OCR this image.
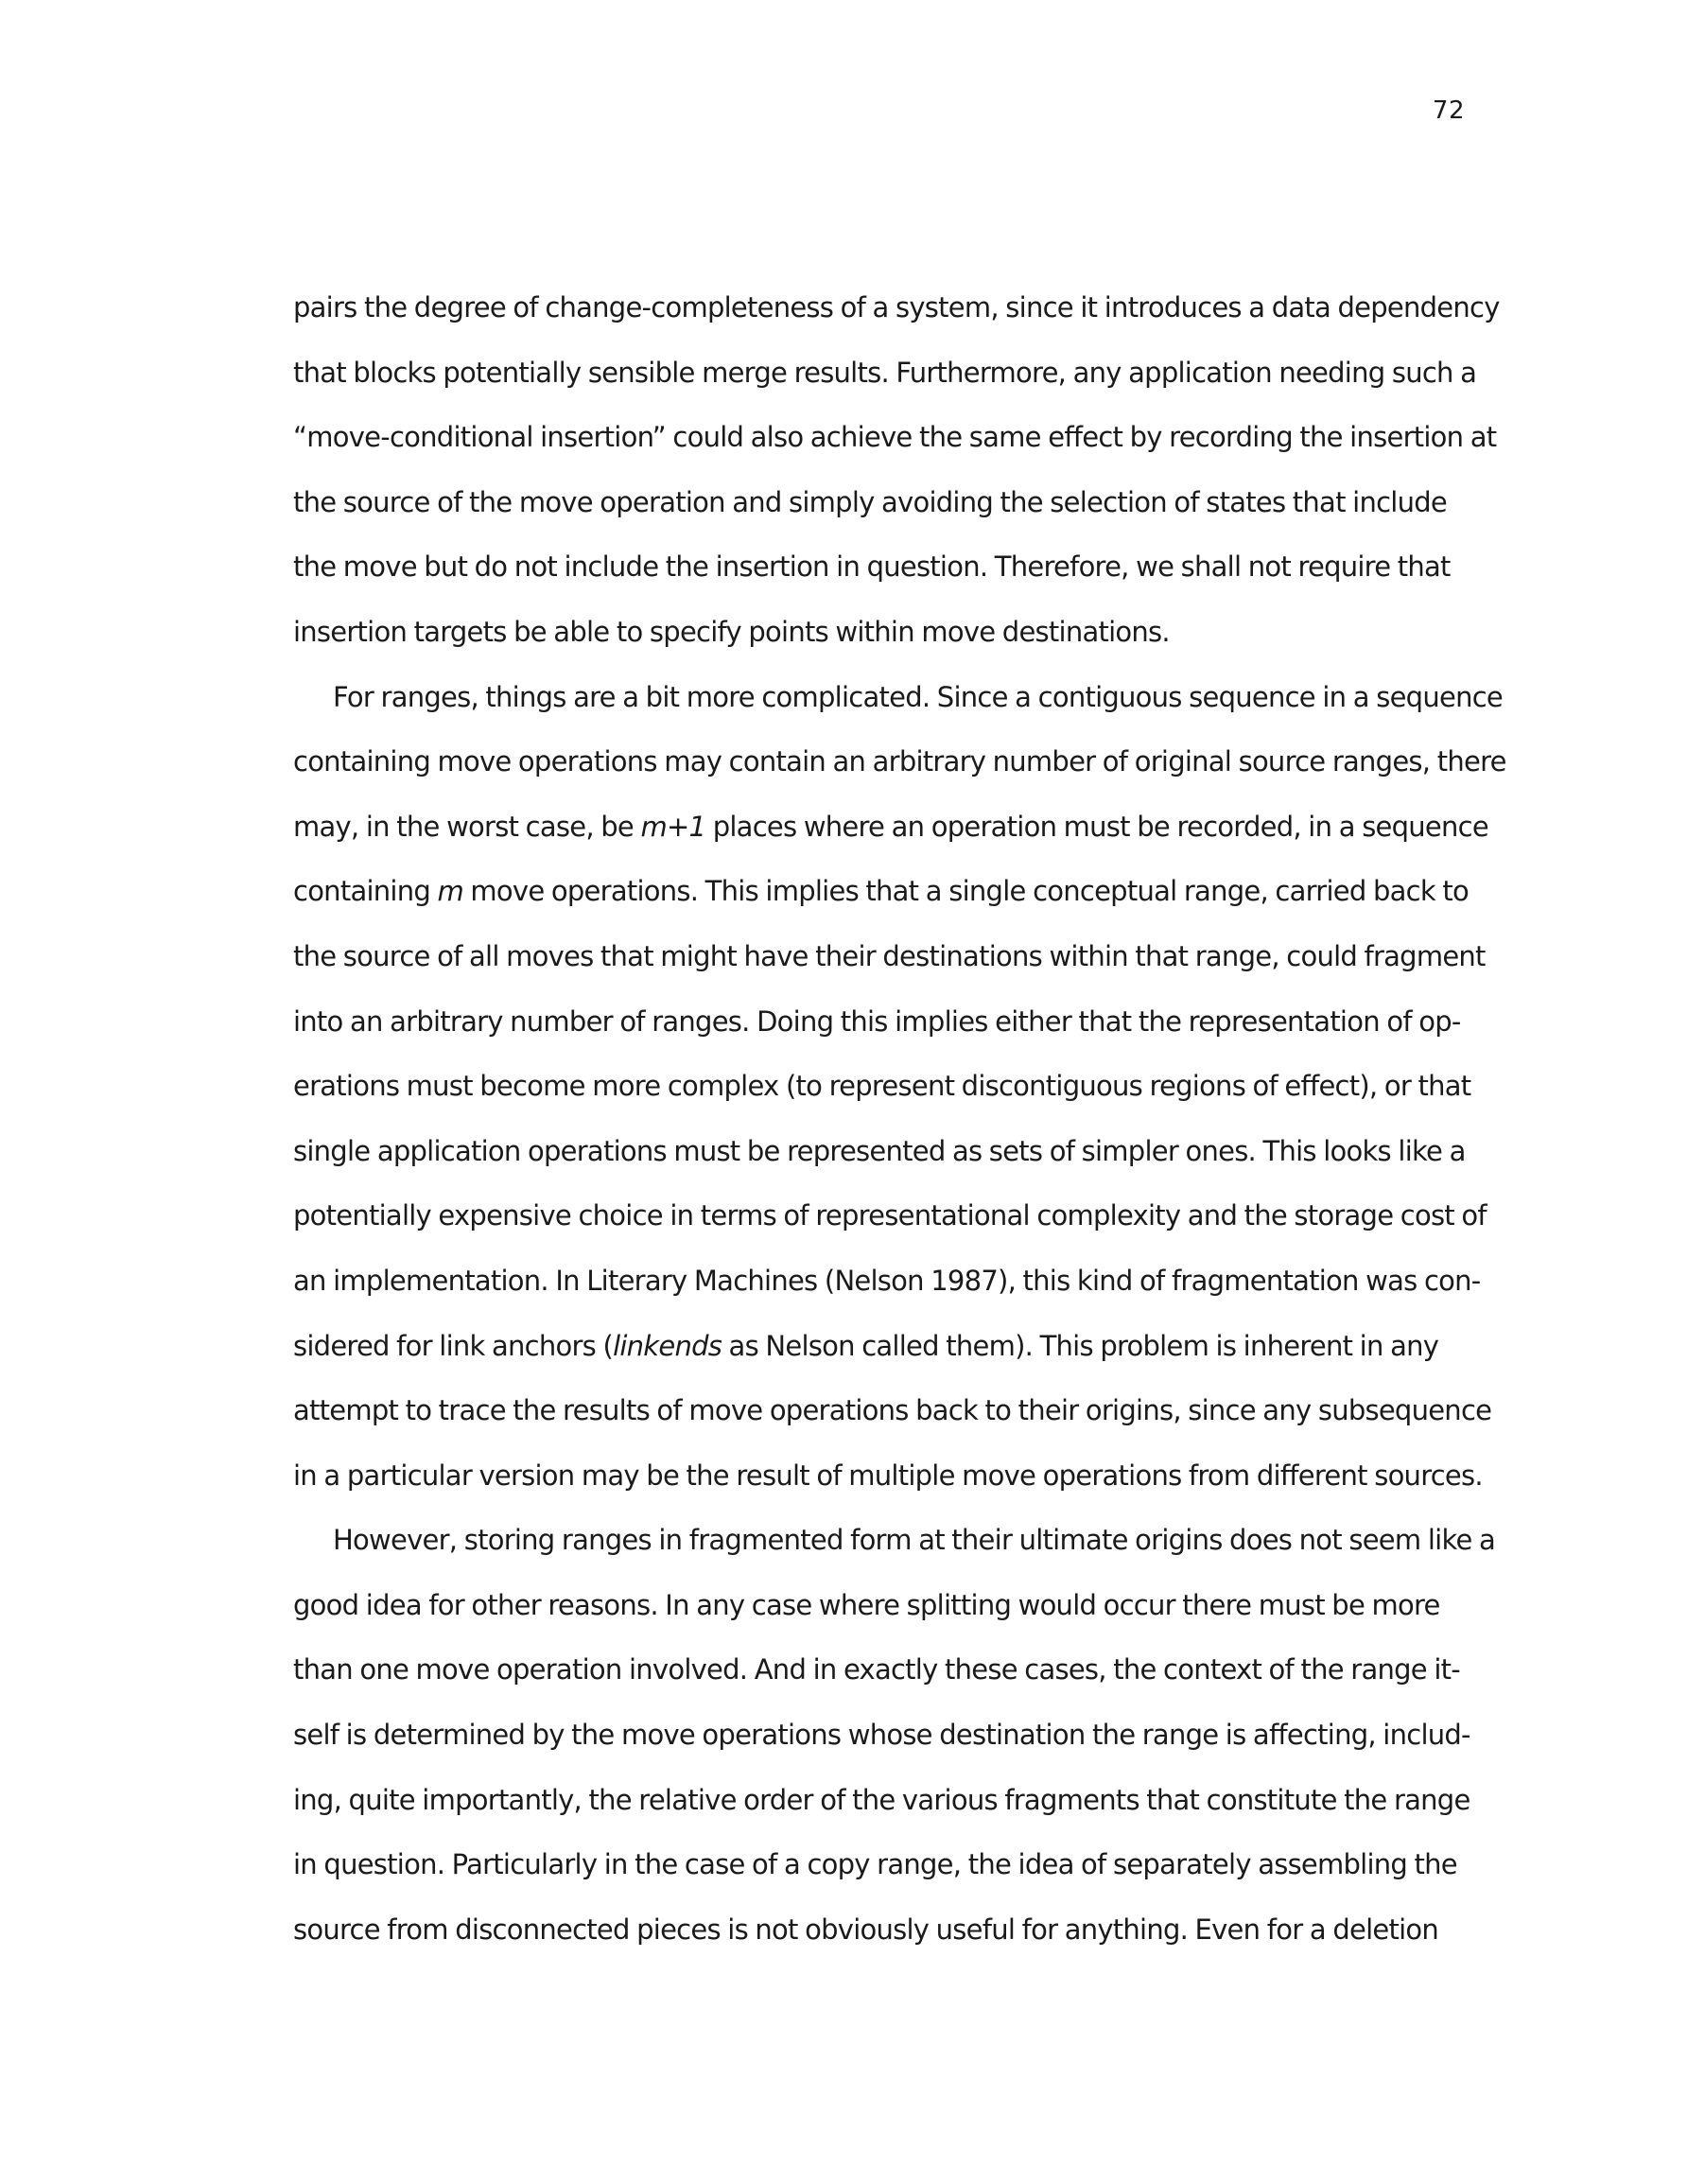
72
pairs the degree of change-completeness of a system, since it introduces a data dependency
that blocks potentially sensible merge results. Furthermore, any application needing such a
“move-conditional insertion” could also achieve the same effect by recording the insertion at
the source of the move operation and simply avoiding the selection of states that include
the move but do not include the insertion in question. Therefore, we shall not require that
insertion targets be able to specify points within move destinations.
For ranges, things are a bit more complicated. Since a contiguous sequence in a sequence
containing move operations may contain an arbitrary number of original source ranges, there
may, in the worst case, be m+1 places where an operation must be recorded, in a sequence
containing m move operations. This implies that a single conceptual range, carried back to
the source of all moves that might have their destinations within that range, could fragment
into an arbitrary number of ranges. Doing this implies either that the representation of op-
erations must become more complex (to represent discontiguous regions of effect), or that
single application operations must be represented as sets of simpler ones. This looks like a
potentially expensive choice in terms of representational complexity and the storage cost of
an implementation. In Literary Machines (Nelson 1987), this kind of fragmentation was con-
sidered for link anchors (linkends as Nelson called them). This problem is inherent in any
attempt to trace the results of move operations back to their origins, since any subsequence
in a particular version may be the result of multiple move operations from different sources.
However, storing ranges in fragmented form at their ultimate origins does not seem like a
good idea for other reasons. In any case where splitting would occur there must be more
than one move operation involved. And in exactly these cases, the context of the range it-
self is determined by the move operations whose destination the range is affecting, includ-
ing, quite importantly, the relative order of the various fragments that constitute the range
in question. Particularly in the case of a copy range, the idea of separately assembling the
source from disconnected pieces is not obviously useful for anything. Even for a deletion
